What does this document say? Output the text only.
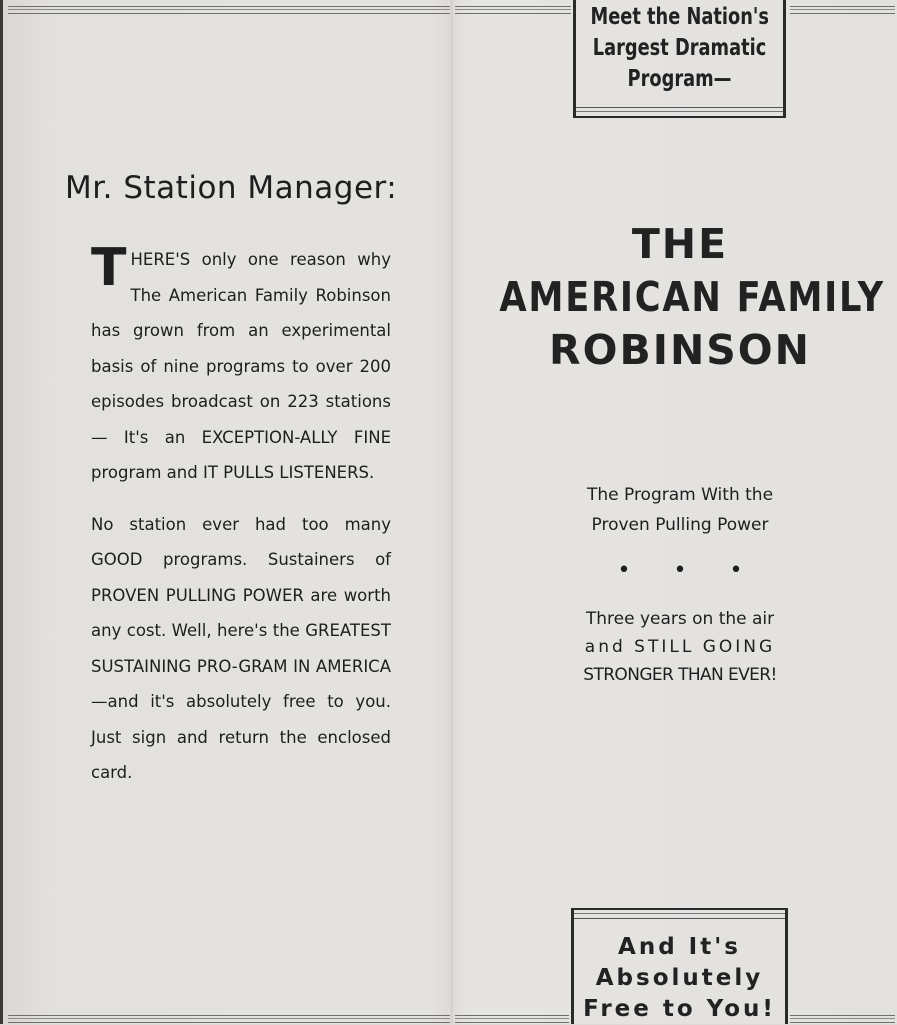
Mr. Station Manager:

THERE'S only one reason why The American Family Robinson has grown from an experimental basis of nine programs to over 200 episodes broadcast on 223 stations — It's an EXCEPTION-ALLY FINE program and IT PULLS LISTENERS.

No station ever had too many GOOD programs. Sustainers of PROVEN PULLING POWER are worth any cost. Well, here's the GREATEST SUSTAINING PRO-GRAM IN AMERICA—and it's absolutely free to you. Just sign and return the enclosed card.

Meet the Nation's
Largest Dramatic
Program—
THE
AMERICAN FAMILY
ROBINSON
The Program With the
Proven Pulling Power
• • •
Three years on the air
and STILL GOING
STRONGER THAN EVER!
And It's
Absolutely
Free to You!
